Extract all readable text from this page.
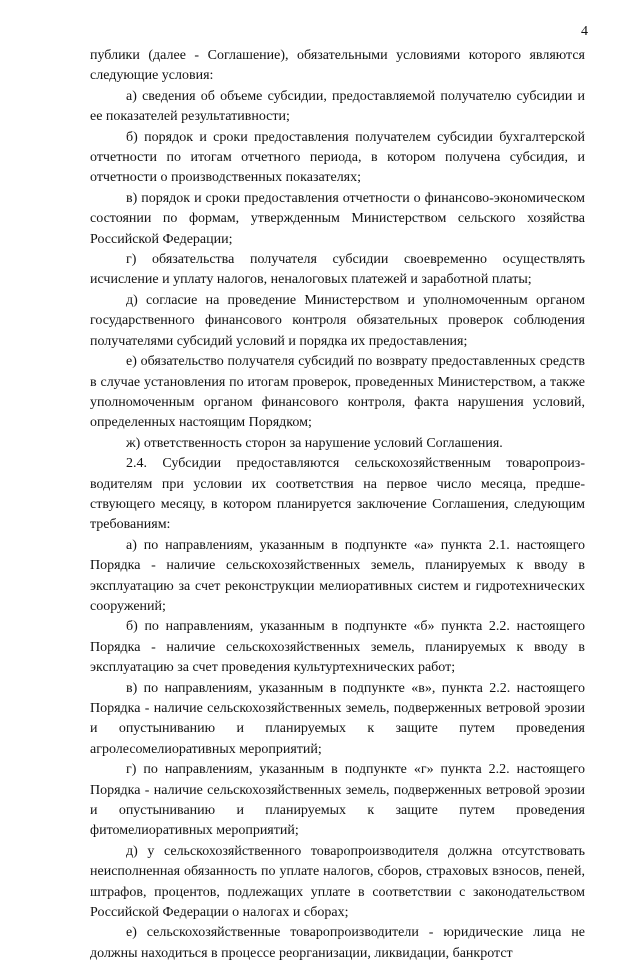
4

публики (далее - Соглашение), обязательными условиями которого являются следующие условия:

а) сведения об объеме субсидии, предоставляемой получателю субсидии и ее показателей результативности;

б) порядок и сроки предоставления получателем субсидии бухгалтерской отчетности по итогам отчетного периода, в котором получена субсидия, и отчетности о производственных показателях;

в) порядок и сроки предоставления отчетности о финансово-экономическом состоянии по формам, утвержденным Министерством сельского хозяйства Российской Федерации;

г) обязательства получателя субсидии своевременно осуществлять исчисление и уплату налогов, неналоговых платежей и заработной платы;

д) согласие на проведение Министерством и уполномоченным органом государственного финансового контроля обязательных проверок соблюдения получателями субсидий условий и порядка их предоставления;

е) обязательство получателя субсидий по возврату предоставленных средств в случае установления по итогам проверок, проведенных Министерством, а также уполномоченным органом финансового контроля, факта нарушения условий, определенных настоящим Порядком;

ж) ответственность сторон за нарушение условий Соглашения.

2.4. Субсидии предоставляются сельскохозяйственным товаропроизводителям при условии их соответствия на первое число месяца, предшествующего месяцу, в котором планируется заключение Соглашения, следующим требованиям:

а) по направлениям, указанным в подпункте «а» пункта 2.1. настоящего Порядка - наличие сельскохозяйственных земель, планируемых к вводу в эксплуатацию за счет реконструкции мелиоративных систем и гидротехнических сооружений;

б) по направлениям, указанным в подпункте «б» пункта 2.2. настоящего Порядка - наличие сельскохозяйственных земель, планируемых к вводу в эксплуатацию за счет проведения культуртехнических работ;

в) по направлениям, указанным в подпункте «в», пункта 2.2. настоящего Порядка - наличие сельскохозяйственных земель, подверженных ветровой эрозии и опустыниванию и планируемых к защите путем проведения агролесомелиоративных мероприятий;

г) по направлениям, указанным в подпункте «г» пункта 2.2. настоящего Порядка - наличие сельскохозяйственных земель, подверженных ветровой эрозии и опустыниванию и планируемых к защите путем проведения фитомелиоративных мероприятий;

д) у сельскохозяйственного товаропроизводителя должна отсутствовать неисполненная обязанность по уплате налогов, сборов, страховых взносов, пеней, штрафов, процентов, подлежащих уплате в соответствии с законодательством Российской Федерации о налогах и сборах;

е) сельскохозяйственные товаропроизводители - юридические лица не должны находиться в процессе реорганизации, ликвидации, банкротст
